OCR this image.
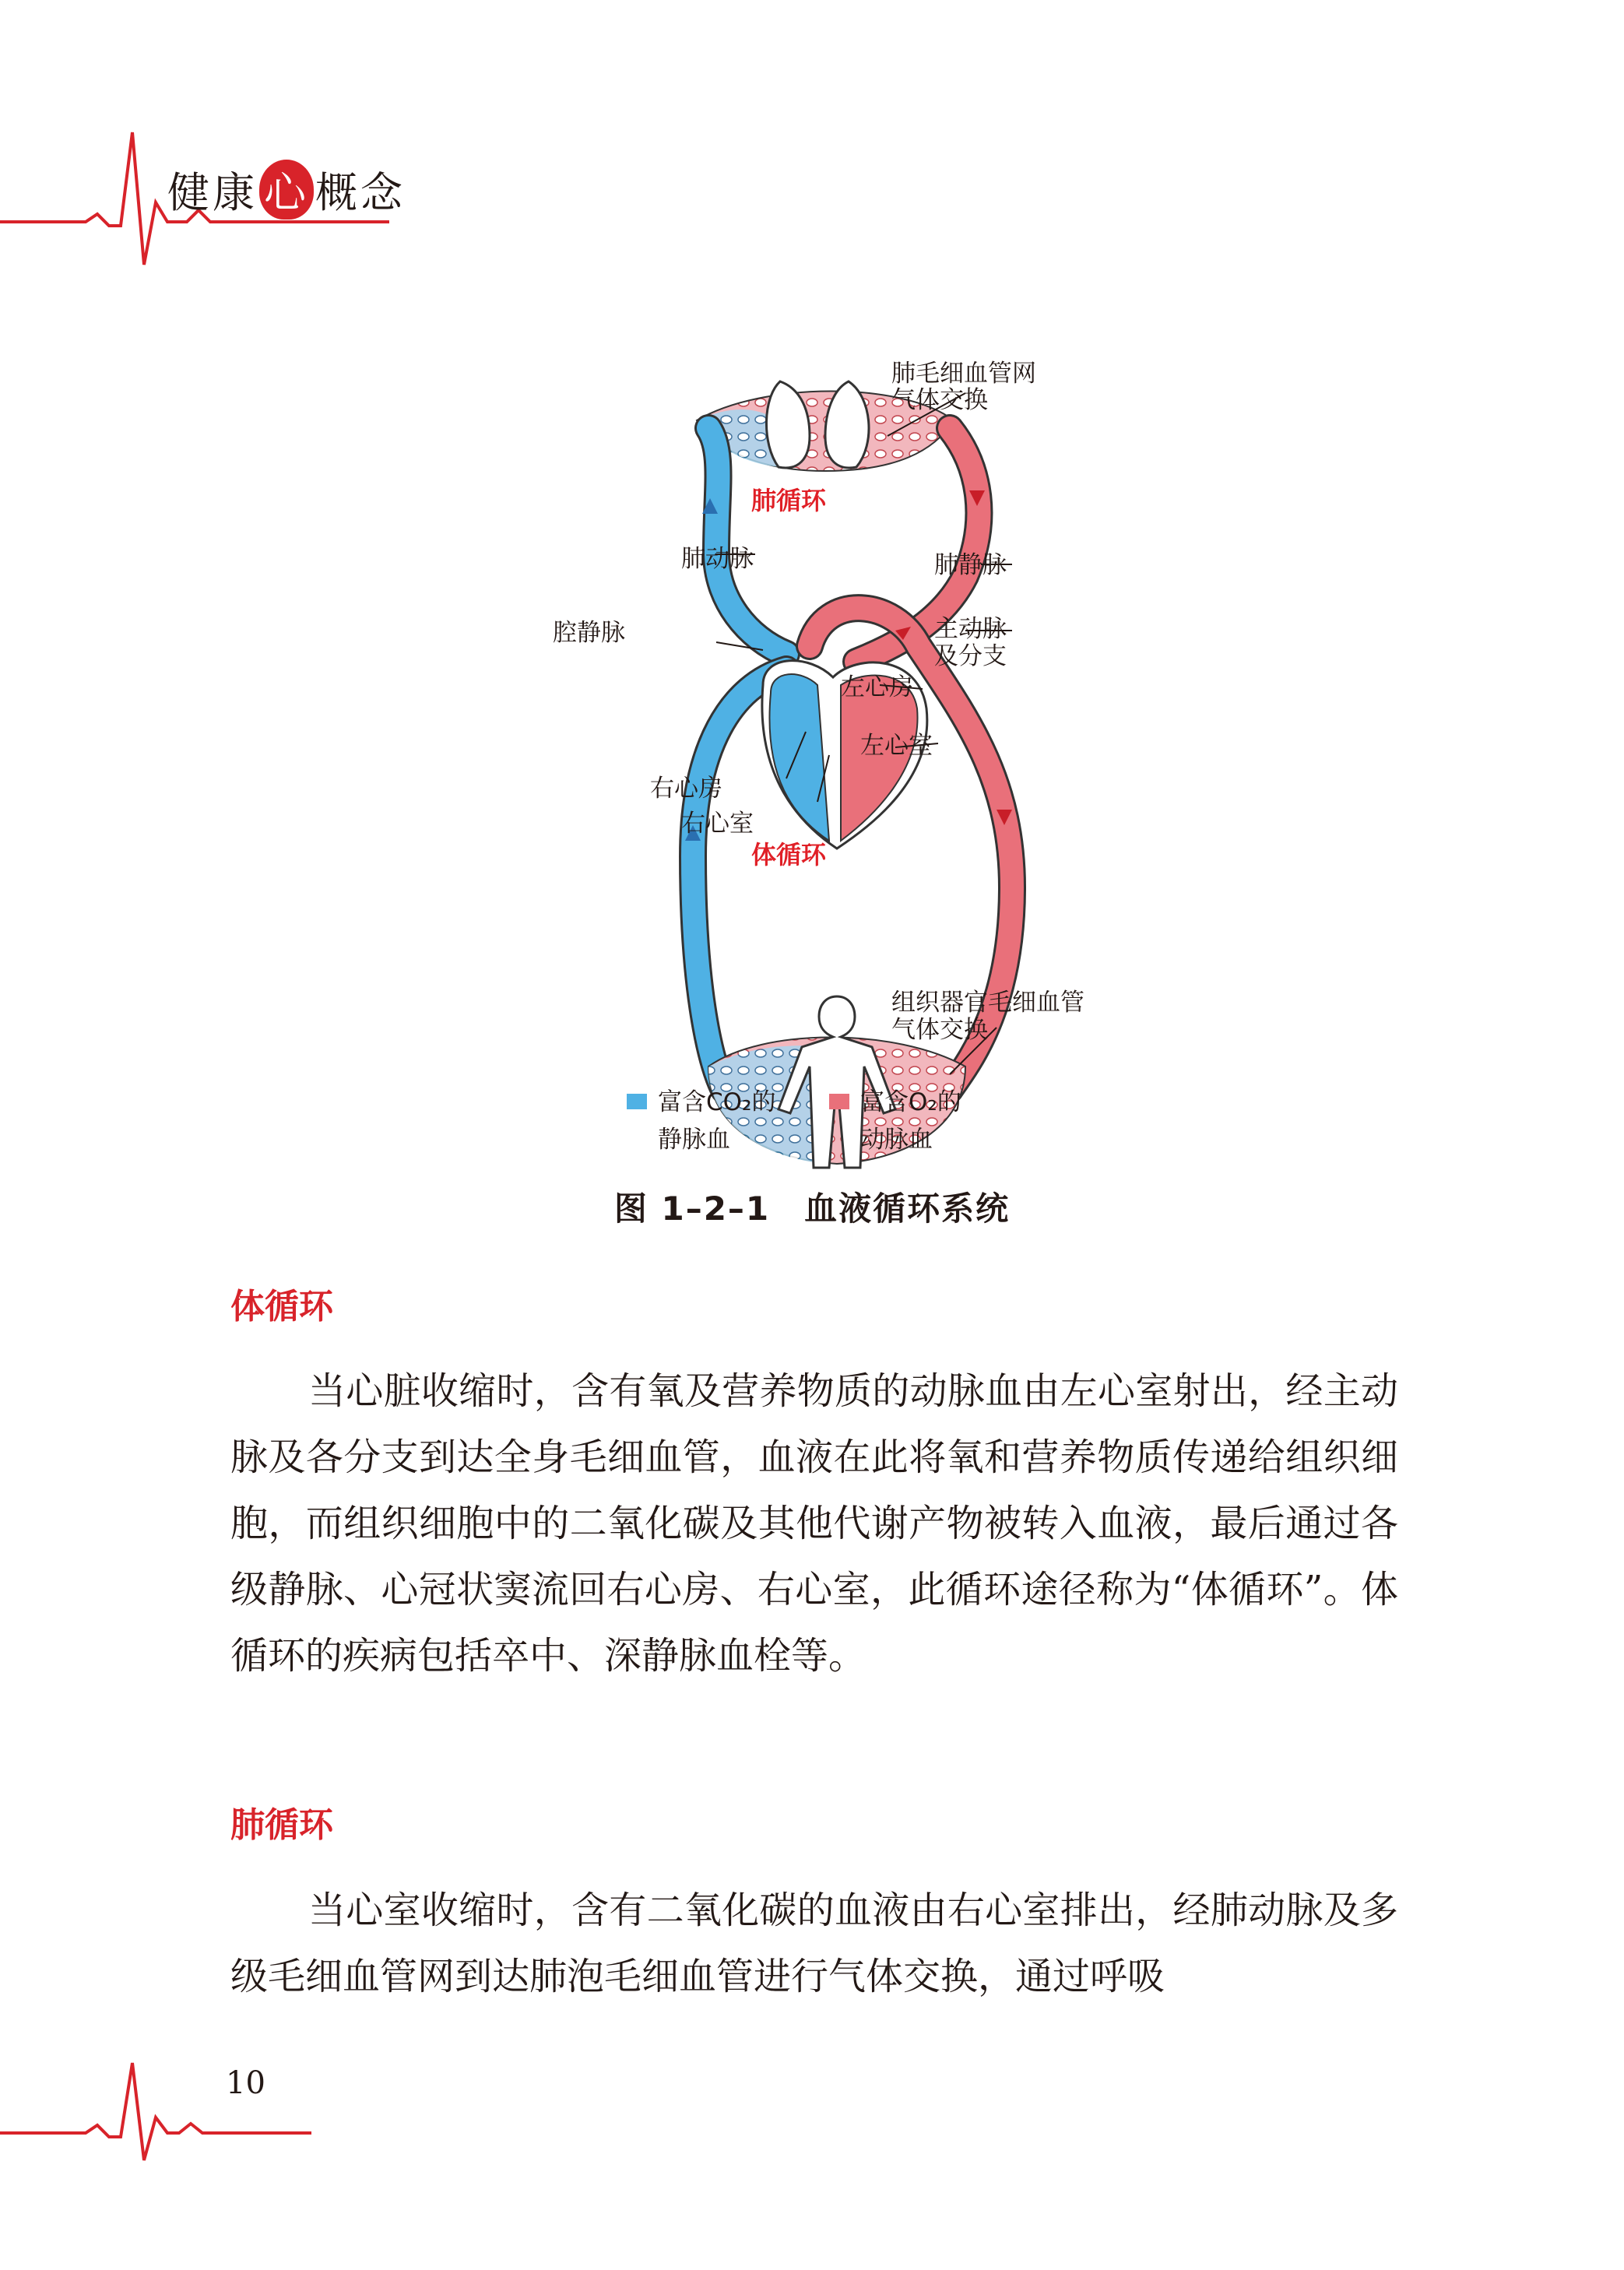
健康 心 概念
肺毛细血管网
气体交换
肺循环
肺动脉	肺静脉
腔静脉	主动脉
及分支
左心房
左心室
右心房
右心室
体循环
组织器官毛细血管
气体交换
富含CO₂的
静脉血
富含O₂的
动脉血
图 1–2–1　血液循环系统
体循环

当心脏收缩时，含有氧及营养物质的动脉血由左心室射出，经主动脉及各分支到达全身毛细血管，血液在此将氧和营养物质传递给组织细胞，而组织细胞中的二氧化碳及其他代谢产物被转入血液，最后通过各级静脉、心冠状窦流回右心房、右心室，此循环途径称为“体循环”。体循环的疾病包括卒中、深静脉血栓等。

肺循环

当心室收缩时，含有二氧化碳的血液由右心室排出，经肺动脉及多级毛细血管网到达肺泡毛细血管进行气体交换，通过呼吸

10
